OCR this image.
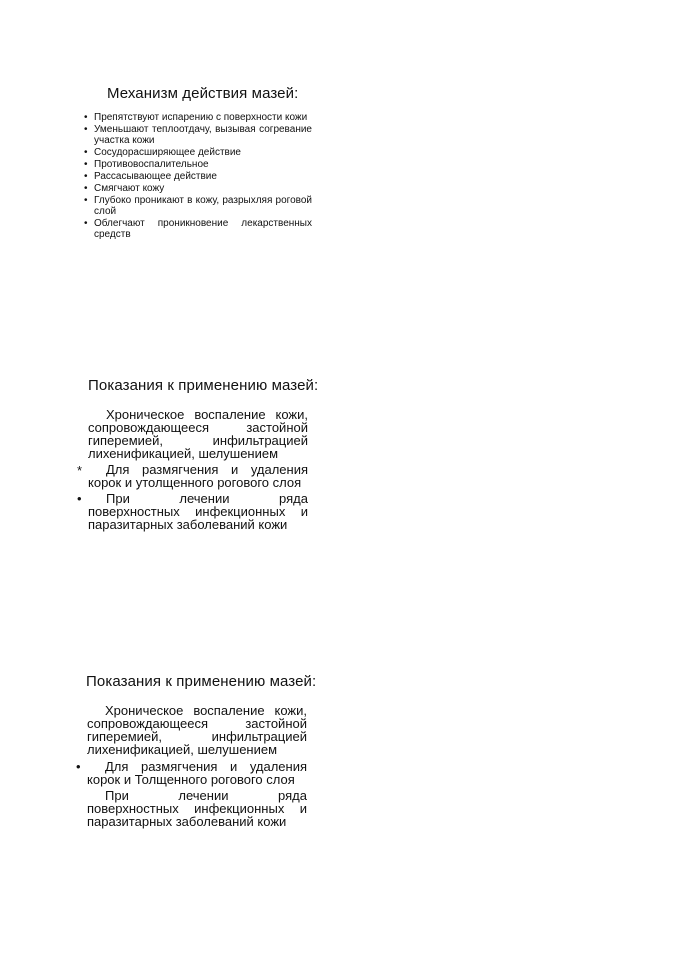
Механизм действия мазей:
• Препятствуют испарению с поверхности кожи
• Уменьшают теплоотдачу, вызывая согревание участка кожи
• Сосудорасширяющее действие
• Противовоспалительное
• Рассасывающее действие
• Смягчают кожу
• Глубоко проникают в кожу, разрыхляя роговой слой
• Облегчают проникновение лекарственных средств
Показания к применению мазей:

Хроническое воспаление кожи, сопровождающееся застойной гиперемией, инфильтрацией лихенификацией, шелушением

*	Для размягчения и удаления корок и утолщенного рогового слоя

•	При лечении ряда поверхностных инфекционных и паразитарных заболеваний кожи

Показания к применению мазей:

Хроническое воспаление кожи, сопровождающееся застойной гиперемией, инфильтрацией лихенификацией, шелушением

•	Для размягчения и удаления корок и Толщенного рогового слоя

При лечении ряда поверхностных инфекционных и паразитарных заболеваний кожи
